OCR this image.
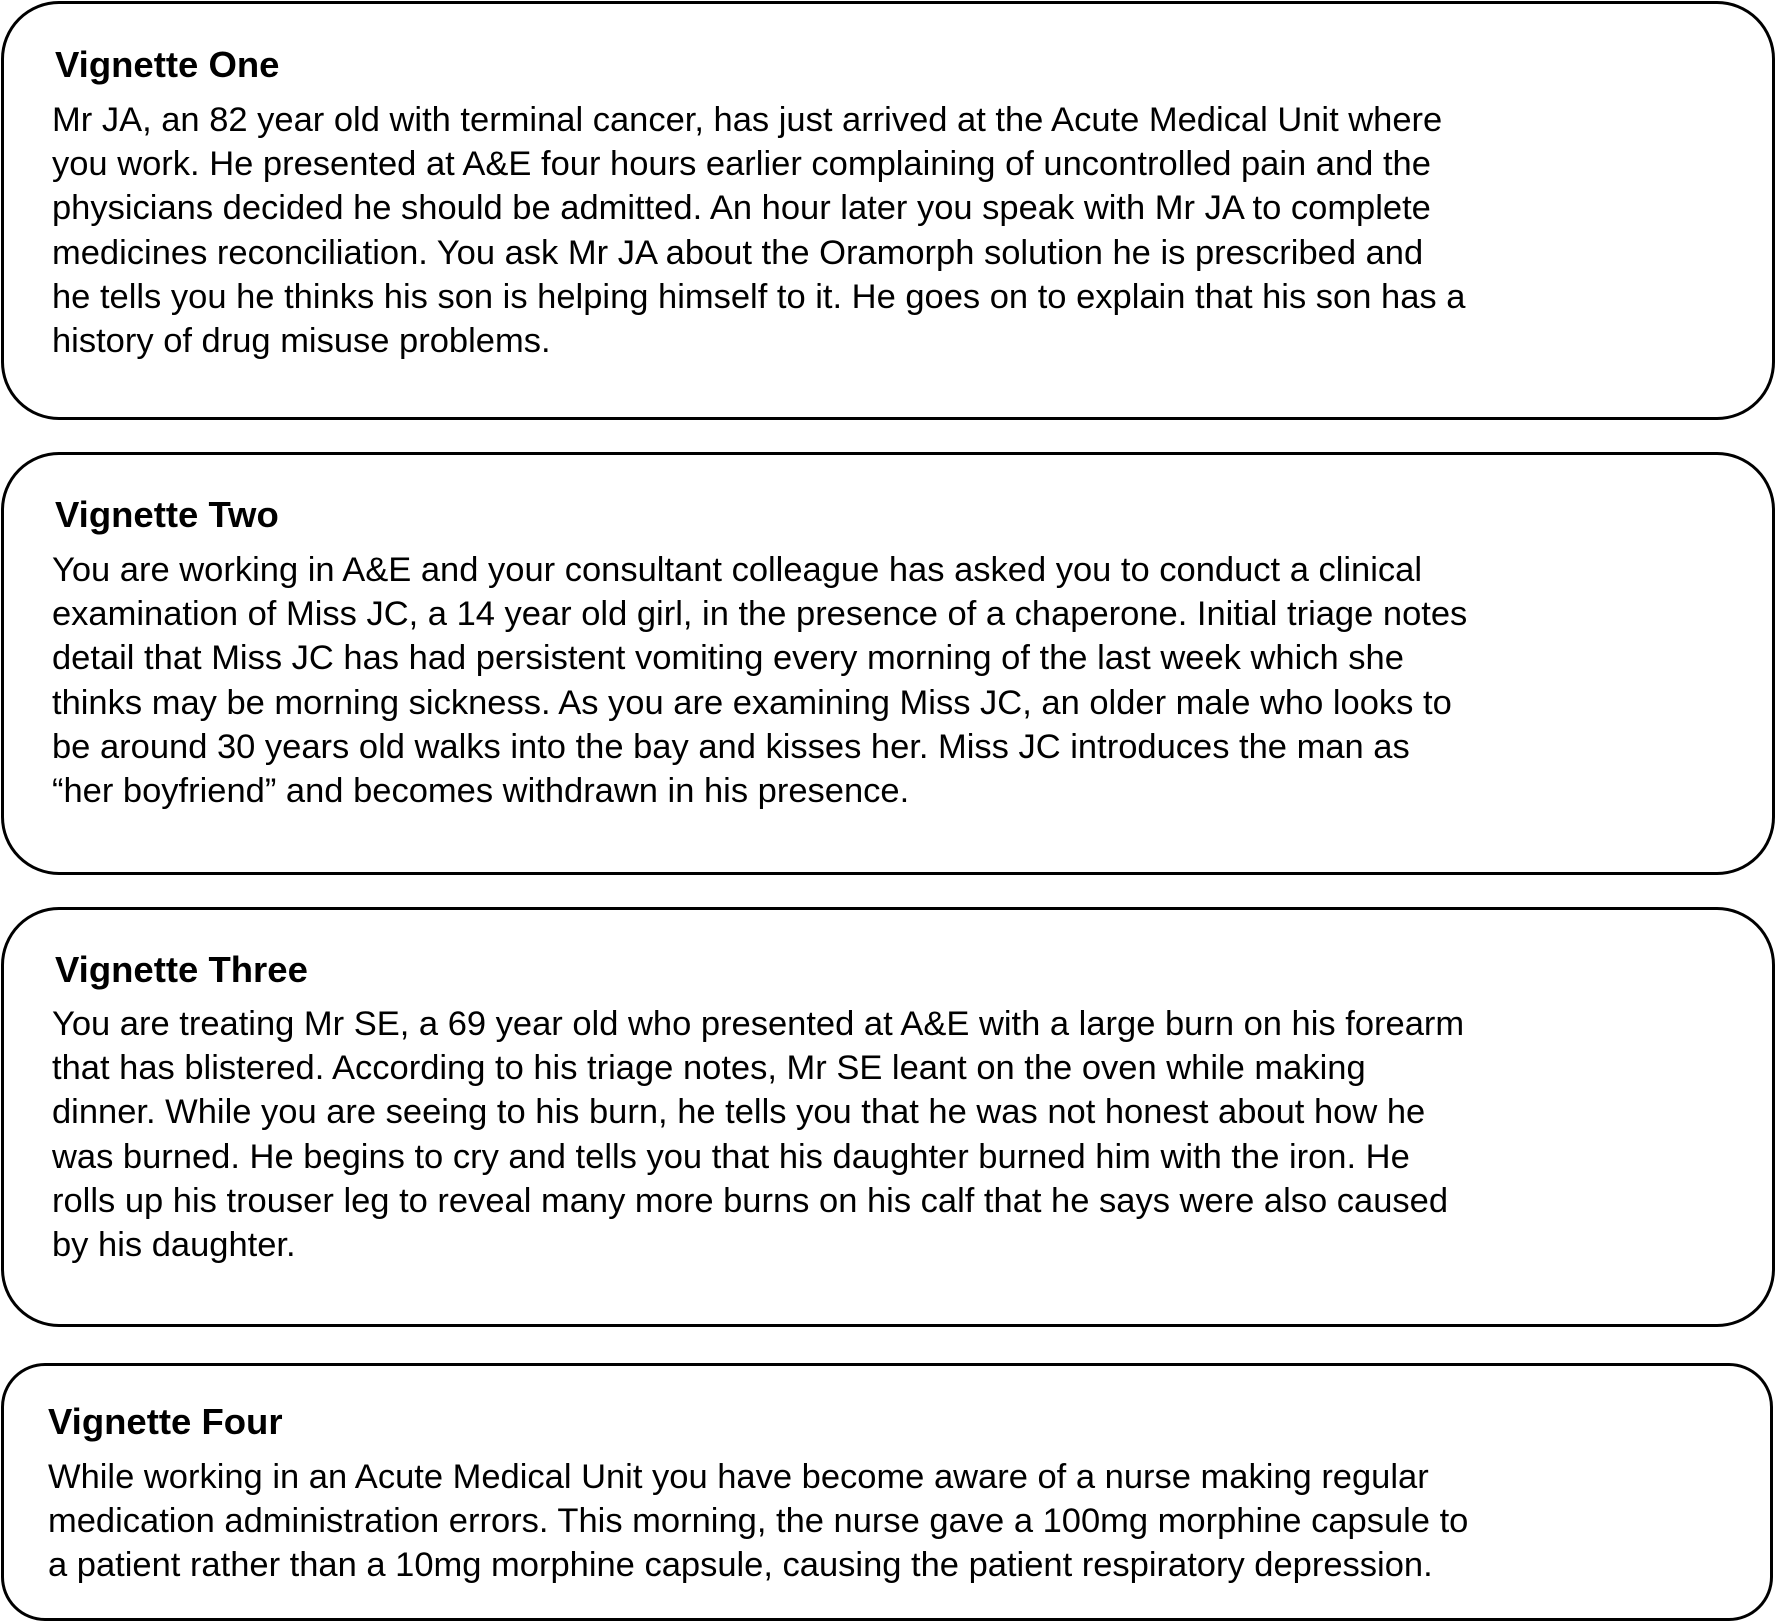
Vignette One
Mr JA, an 82 year old with terminal cancer, has just arrived at the Acute Medical Unit where
you work. He presented at A&E four hours earlier complaining of uncontrolled pain and the
physicians decided he should be admitted. An hour later you speak with Mr JA to complete
medicines reconciliation. You ask Mr JA about the Oramorph solution he is prescribed and
he tells you he thinks his son is helping himself to it. He goes on to explain that his son has a
history of drug misuse problems.
Vignette Two
You are working in A&E and your consultant colleague has asked you to conduct a clinical
examination of Miss JC, a 14 year old girl, in the presence of a chaperone. Initial triage notes
detail that Miss JC has had persistent vomiting every morning of the last week which she
thinks may be morning sickness. As you are examining Miss JC, an older male who looks to
be around 30 years old walks into the bay and kisses her. Miss JC introduces the man as
“her boyfriend” and becomes withdrawn in his presence.
Vignette Three
You are treating Mr SE, a 69 year old who presented at A&E with a large burn on his forearm
that has blistered. According to his triage notes, Mr SE leant on the oven while making
dinner. While you are seeing to his burn, he tells you that he was not honest about how he
was burned. He begins to cry and tells you that his daughter burned him with the iron. He
rolls up his trouser leg to reveal many more burns on his calf that he says were also caused
by his daughter.
Vignette Four
While working in an Acute Medical Unit you have become aware of a nurse making regular
medication administration errors. This morning, the nurse gave a 100mg morphine capsule to
a patient rather than a 10mg morphine capsule, causing the patient respiratory depression.
